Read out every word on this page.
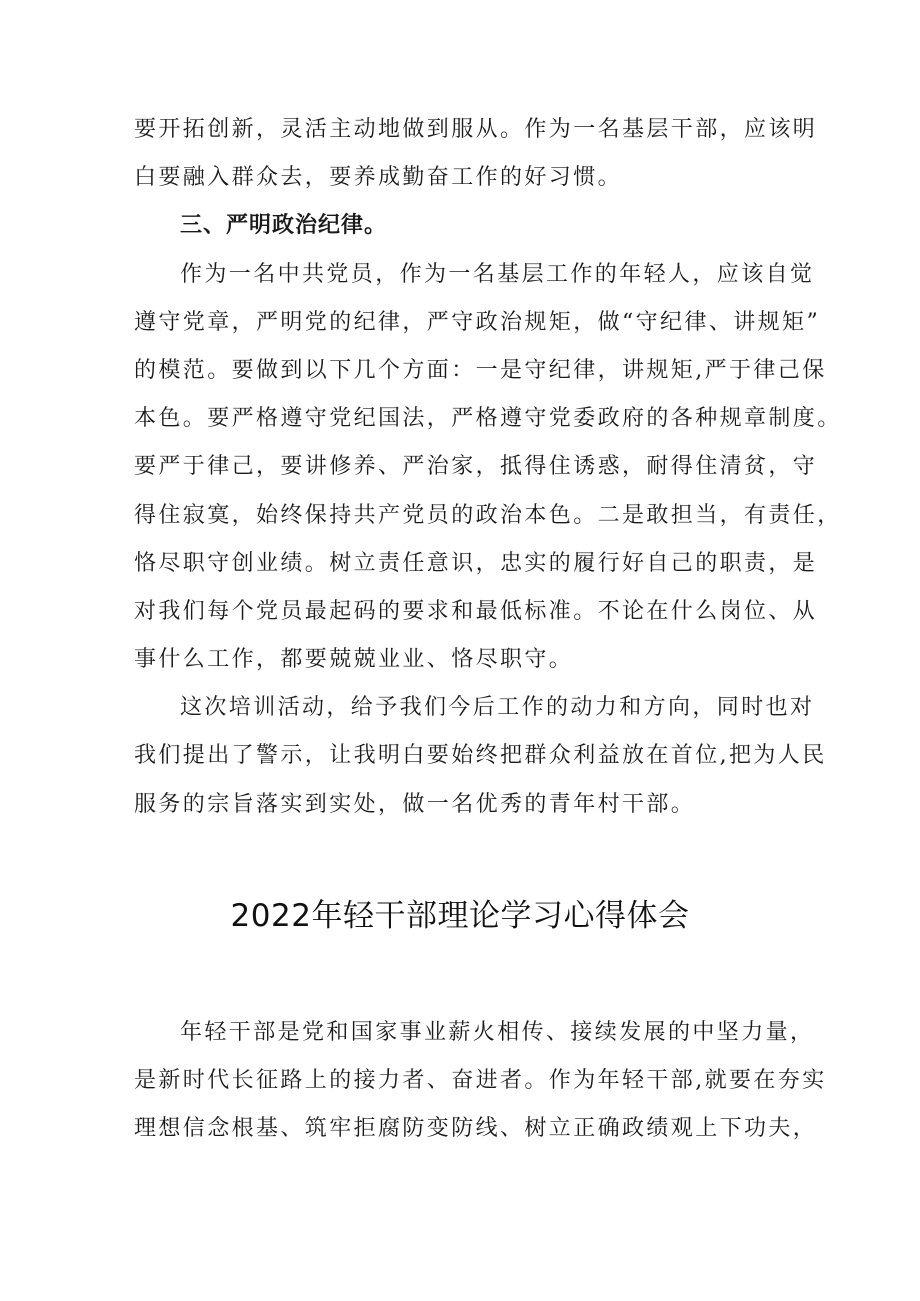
要开拓创新，灵活主动地做到服从。作为一名基层干部，应该明
白要融入群众去，要养成勤奋工作的好习惯。
三、严明政治纪律。
作为一名中共党员，作为一名基层工作的年轻人，应该自觉
遵守党章，严明党的纪律，严守政治规矩，做“守纪律、讲规矩”
的模范。要做到以下几个方面：一是守纪律，讲规矩,严于律己保
本色。要严格遵守党纪国法，严格遵守党委政府的各种规章制度。
要严于律己，要讲修养、严治家，抵得住诱惑，耐得住清贫，守
得住寂寞，始终保持共产党员的政治本色。二是敢担当，有责任，
恪尽职守创业绩。树立责任意识，忠实的履行好自己的职责，是
对我们每个党员最起码的要求和最低标准。不论在什么岗位、从
事什么工作，都要兢兢业业、恪尽职守。
这次培训活动，给予我们今后工作的动力和方向，同时也对
我们提出了警示，让我明白要始终把群众利益放在首位,把为人民
服务的宗旨落实到实处，做一名优秀的青年村干部。
2022年轻干部理论学习心得体会
年轻干部是党和国家事业薪火相传、接续发展的中坚力量，
是新时代长征路上的接力者、奋进者。作为年轻干部,就要在夯实
理想信念根基、筑牢拒腐防变防线、树立正确政绩观上下功夫，
